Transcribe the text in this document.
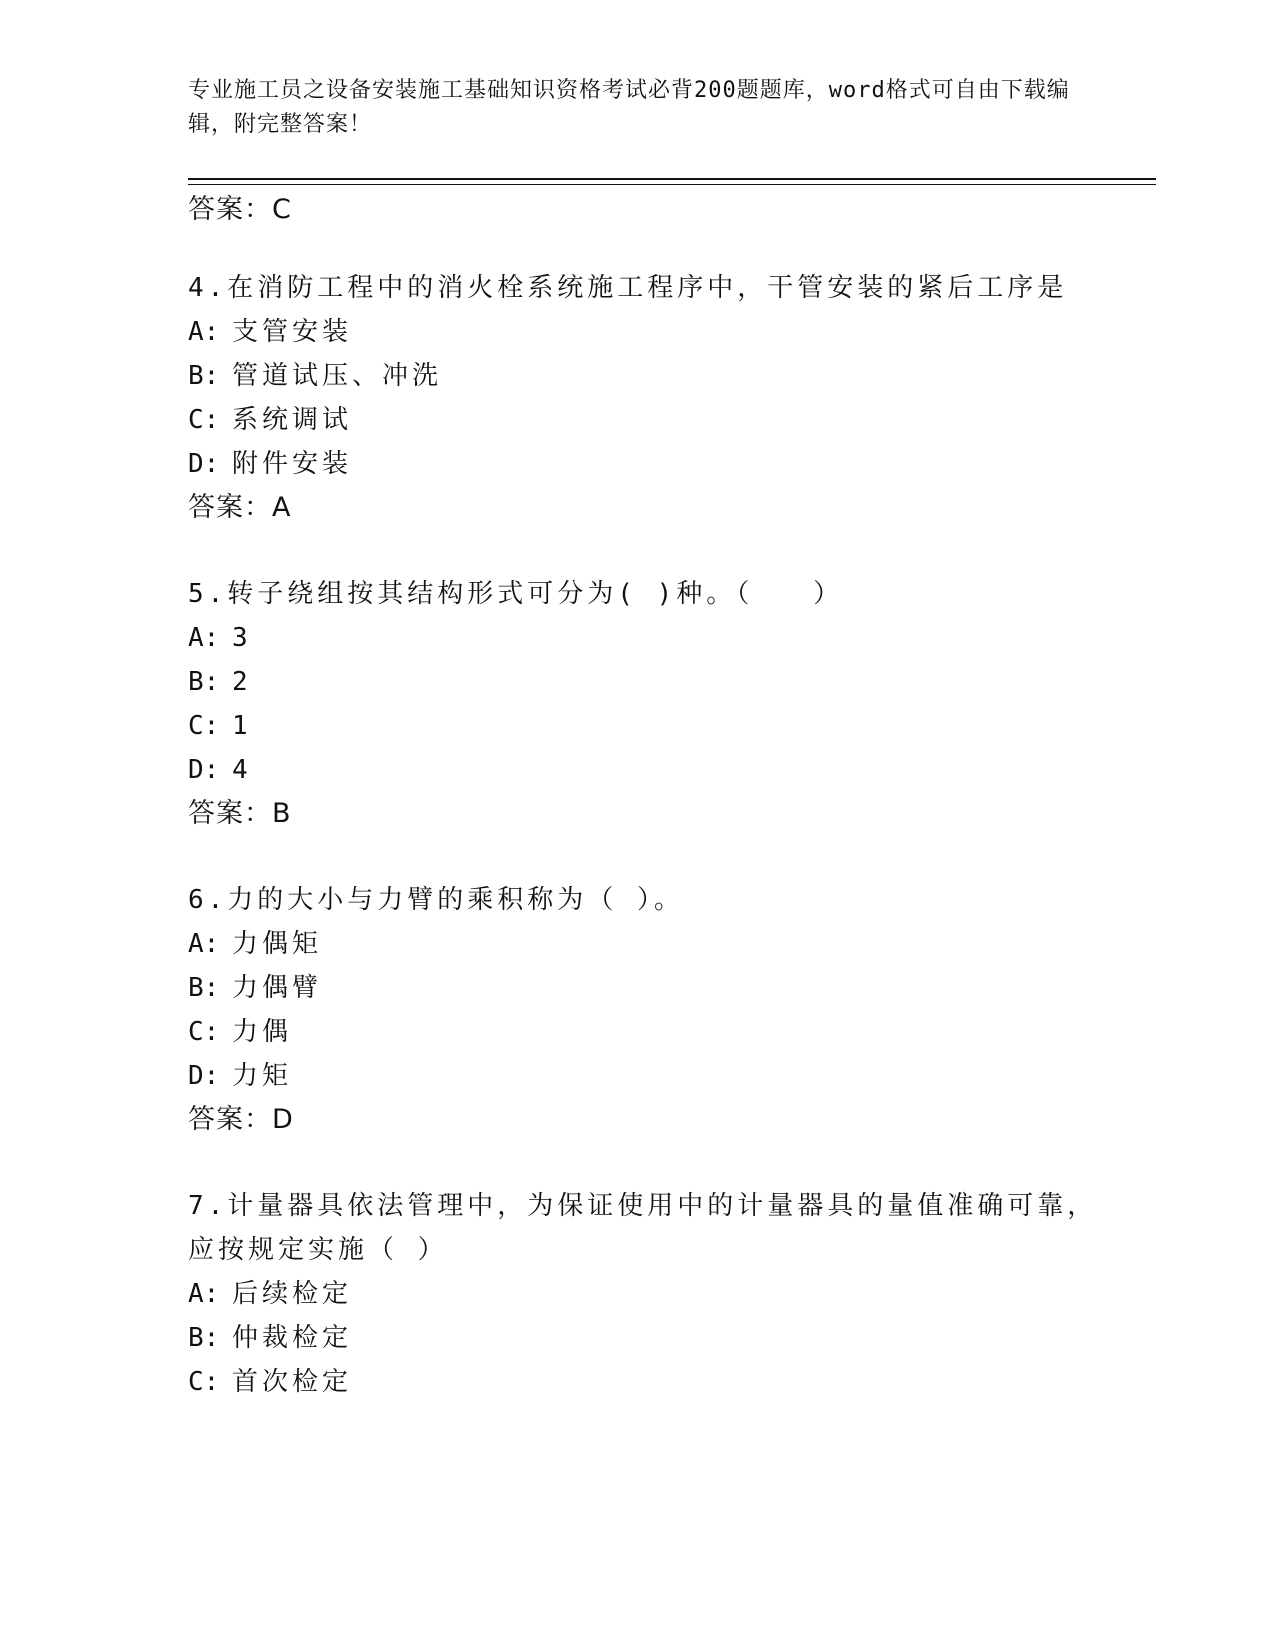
专业施工员之设备安装施工基础知识资格考试必背200题题库，word格式可自由下载编辑，附完整答案！
答案：C
4.在消防工程中的消火栓系统施工程序中，干管安装的紧后工序是
A: 支管安装
B: 管道试压、冲洗
C: 系统调试
D: 附件安装
答案：A
5.转子绕组按其结构形式可分为( )种。（　　）
A: 3
B: 2
C: 1
D: 4
答案：B
6.力的大小与力臂的乘积称为（ ）。
A: 力偶矩
B: 力偶臂
C: 力偶
D: 力矩
答案：D
7.计量器具依法管理中，为保证使用中的计量器具的量值准确可靠，
应按规定实施（ ）
A: 后续检定
B: 仲裁检定
C: 首次检定
